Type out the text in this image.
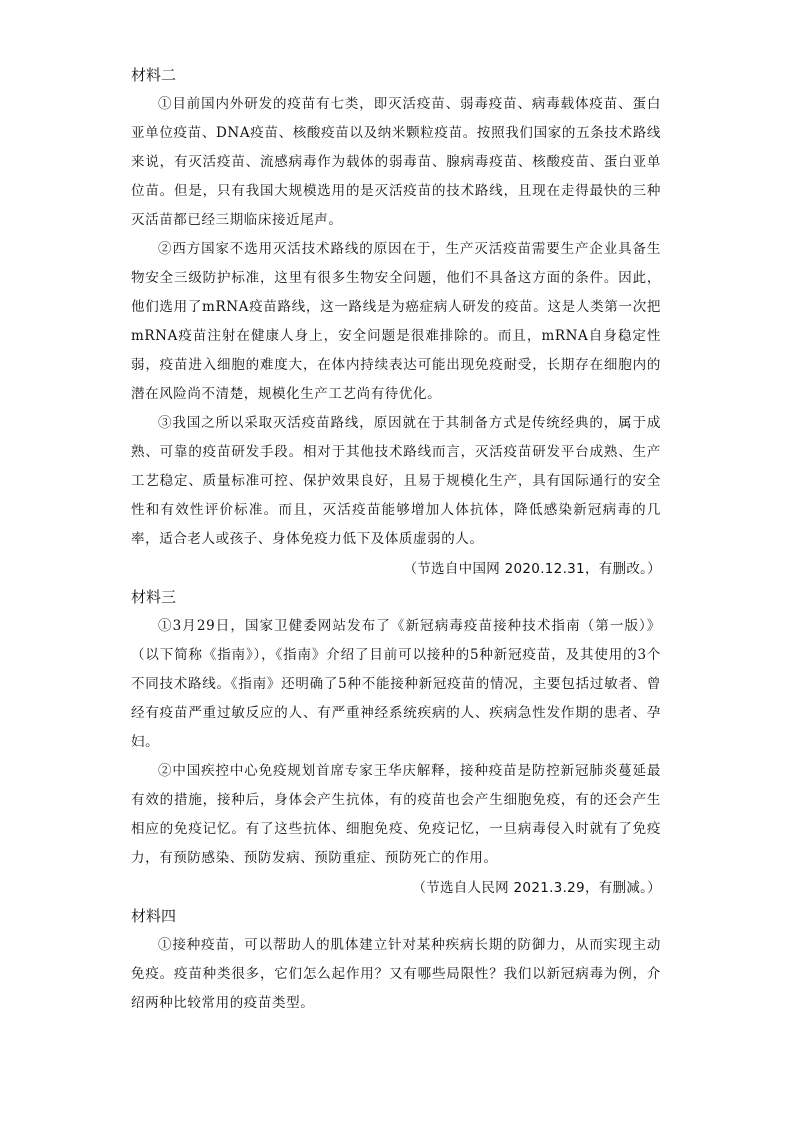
材料二

①目前国内外研发的疫苗有七类，即灭活疫苗、弱毒疫苗、病毒载体疫苗、蛋白亚单位疫苗、DNA疫苗、核酸疫苗以及纳米颗粒疫苗。按照我们国家的五条技术路线来说，有灭活疫苗、流感病毒作为载体的弱毒苗、腺病毒疫苗、核酸疫苗、蛋白亚单位苗。但是，只有我国大规模选用的是灭活疫苗的技术路线，且现在走得最快的三种灭活苗都已经三期临床接近尾声。

②西方国家不选用灭活技术路线的原因在于，生产灭活疫苗需要生产企业具备生物安全三级防护标准，这里有很多生物安全问题，他们不具备这方面的条件。因此，他们选用了mRNA疫苗路线，这一路线是为癌症病人研发的疫苗。这是人类第一次把mRNA疫苗注射在健康人身上，安全问题是很难排除的。而且，mRNA自身稳定性弱，疫苗进入细胞的难度大，在体内持续表达可能出现免疫耐受，长期存在细胞内的潜在风险尚不清楚，规模化生产工艺尚有待优化。

③我国之所以采取灭活疫苗路线，原因就在于其制备方式是传统经典的，属于成熟、可靠的疫苗研发手段。相对于其他技术路线而言，灭活疫苗研发平台成熟、生产工艺稳定、质量标准可控、保护效果良好，且易于规模化生产，具有国际通行的安全性和有效性评价标准。而且，灭活疫苗能够增加人体抗体，降低感染新冠病毒的几率，适合老人或孩子、身体免疫力低下及体质虚弱的人。

（节选自中国网 2020.12.31，有删改。）

材料三

①3月29日，国家卫健委网站发布了《新冠病毒疫苗接种技术指南（第一版）》（以下简称《指南》），《指南》介绍了目前可以接种的5种新冠疫苗，及其使用的3个不同技术路线。《指南》还明确了5种不能接种新冠疫苗的情况，主要包括过敏者、曾经有疫苗严重过敏反应的人、有严重神经系统疾病的人、疾病急性发作期的患者、孕妇。

②中国疾控中心免疫规划首席专家王华庆解释，接种疫苗是防控新冠肺炎蔓延最有效的措施，接种后，身体会产生抗体，有的疫苗也会产生细胞免疫，有的还会产生相应的免疫记忆。有了这些抗体、细胞免疫、免疫记忆，一旦病毒侵入时就有了免疫力，有预防感染、预防发病、预防重症、预防死亡的作用。

（节选自人民网 2021.3.29，有删减。）

材料四

①接种疫苗，可以帮助人的肌体建立针对某种疾病长期的防御力，从而实现主动免疫。疫苗种类很多，它们怎么起作用？又有哪些局限性？我们以新冠病毒为例，介绍两种比较常用的疫苗类型。
